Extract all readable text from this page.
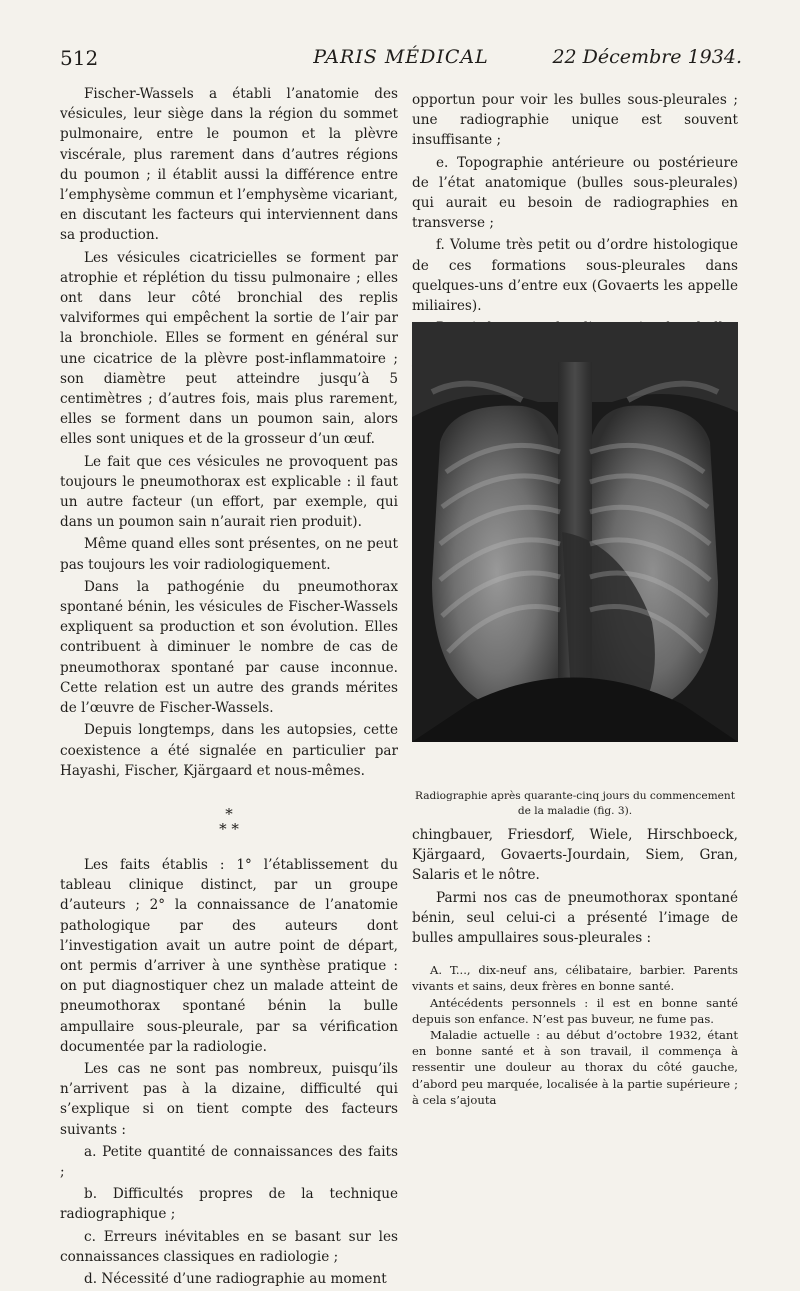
512	PARIS MÉDICAL	22 Décembre 1934.

Fischer-Wassels a établi l’anatomie des vésicules, leur siège dans la région du sommet pulmonaire, entre le poumon et la plèvre viscérale, plus rarement dans d’autres régions du poumon ; il établit aussi la différence entre l’emphysème commun et l’emphysème vicariant, en discutant les facteurs qui interviennent dans sa production.

Les vésicules cicatricielles se forment par atrophie et réplétion du tissu pulmonaire ; elles ont dans leur côté bronchial des replis valviformes qui empêchent la sortie de l’air par la bronchiole. Elles se forment en général sur une cicatrice de la plèvre post-inflammatoire ; son diamètre peut atteindre jusqu’à 5 centimètres ; d’autres fois, mais plus rarement, elles se forment dans un poumon sain, alors elles sont uniques et de la grosseur d’un œuf.

Le fait que ces vésicules ne provoquent pas toujours le pneumothorax est explicable : il faut un autre facteur (un effort, par exemple, qui dans un poumon sain n’aurait rien produit).

Même quand elles sont présentes, on ne peut pas toujours les voir radiologiquement.

Dans la pathogénie du pneumothorax spontané bénin, les vésicules de Fischer-Wassels expliquent sa production et son évolution. Elles contribuent à diminuer le nombre de cas de pneumothorax spontané par cause inconnue. Cette relation est un autre des grands mérites de l’œuvre de Fischer-Wassels.

Depuis longtemps, dans les autopsies, cette coexistence a été signalée en particulier par Hayashi, Fischer, Kjärgaard et nous-mêmes.

*
* *

Les faits établis : 1° l’établissement du tableau clinique distinct, par un groupe d’auteurs ; 2° la connaissance de l’anatomie pathologique par des auteurs dont l’investigation avait un autre point de départ, ont permis d’arriver à une synthèse pratique : on put diagnostiquer chez un malade atteint de pneumothorax spontané bénin la bulle ampullaire sous-pleurale, par sa vérification documentée par la radiologie.

Les cas ne sont pas nombreux, puisqu’ils n’arrivent pas à la dizaine, difficulté qui s’explique si on tient compte des facteurs suivants :

a. Petite quantité de connaissances des faits ;

b. Difficultés propres de la technique radiographique ;

c. Erreurs inévitables en se basant sur les connaissances classiques en radiologie ;

d. Nécessité d’une radiographie au moment

opportun pour voir les bulles sous-pleurales ; une radiographie unique est souvent insuffisante ;

e. Topographie antérieure ou postérieure de l’état anatomique (bulles sous-pleurales) qui aurait eu besoin de radiographies en transverse ;

f. Volume très petit ou d’ordre histologique de ces formations sous-pleurales dans quelques-uns d’entre eux (Govaerts les appelle miliaires).

Radiographie après quarante-cinq jours du commencement de la maladie (fig. 3).

chingbauer, Friesdorf, Wiele, Hirschboeck, Kjärgaard, Govaerts-Jourdain, Siem, Gran, Salaris et le nôtre.

Parmi nos cas de pneumothorax spontané bénin, seul celui-ci a présenté l’image de bulles ampullaires sous-pleurales :

A. T..., dix-neuf ans, célibataire, barbier. Parents vivants et sains, deux frères en bonne santé.

Antécédents personnels : il est en bonne santé depuis son enfance. N’est pas buveur, ne fume pas.

Maladie actuelle : au début d’octobre 1932, étant en bonne santé et à son travail, il commença à ressentir une douleur au thorax du côté gauche, d’abord peu marquée, localisée à la partie supérieure ; à cela s’ajouta
